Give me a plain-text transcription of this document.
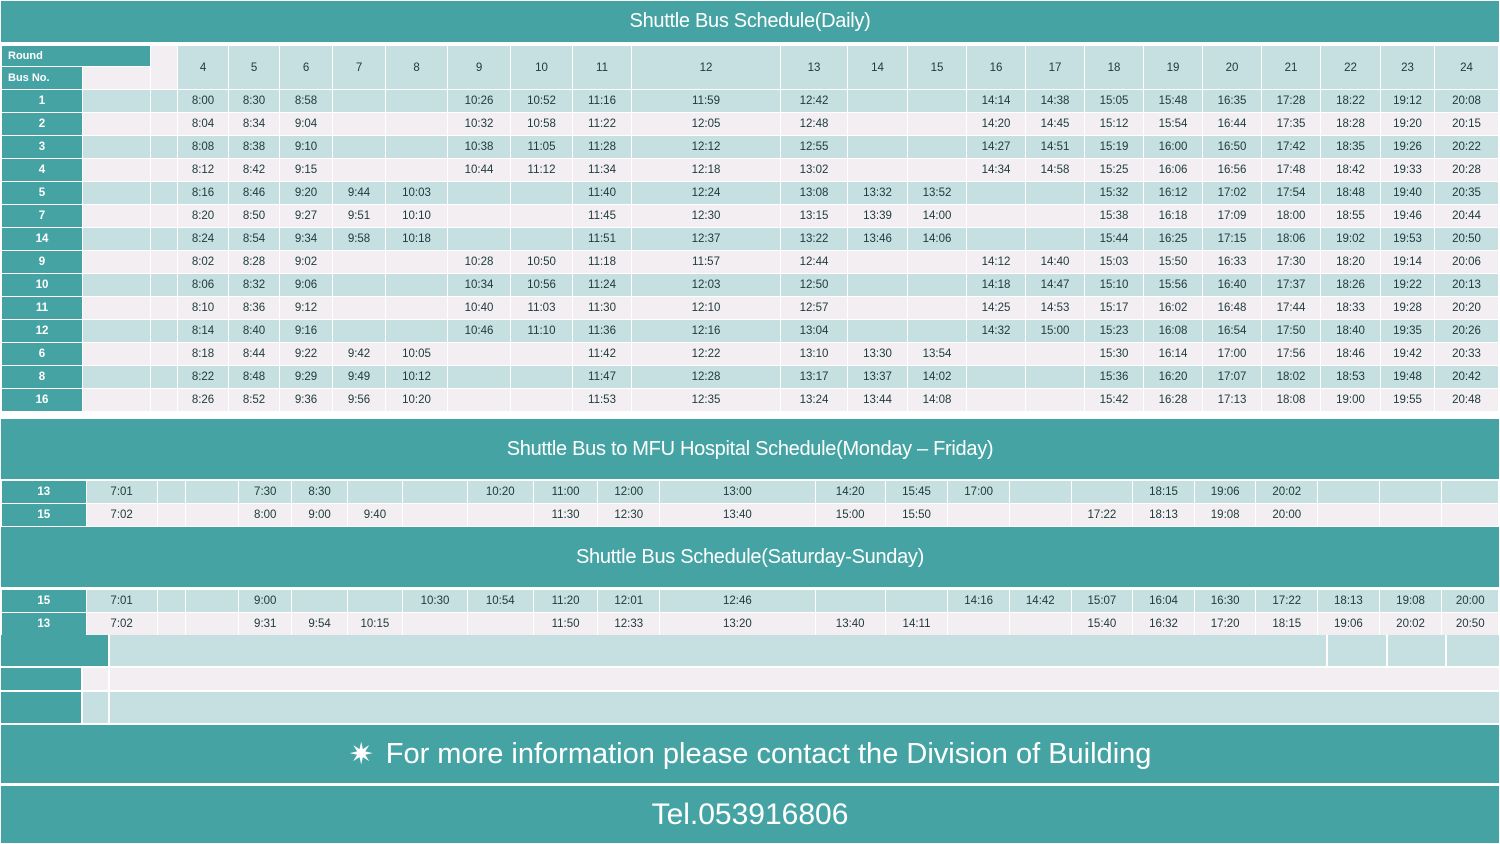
Shuttle Bus Schedule(Daily)
Round			4	5	6	7	8	9	10	11	12	13	14	15	16	17	18	19	20	21	22	23	24
Bus No.																							
1			8:00	8:30	8:58			10:26	10:52	11:16	11:59	12:42			14:14	14:38	15:05	15:48	16:35	17:28	18:22	19:12	20:08
2			8:04	8:34	9:04			10:32	10:58	11:22	12:05	12:48			14:20	14:45	15:12	15:54	16:44	17:35	18:28	19:20	20:15
3			8:08	8:38	9:10			10:38	11:05	11:28	12:12	12:55			14:27	14:51	15:19	16:00	16:50	17:42	18:35	19:26	20:22
4			8:12	8:42	9:15			10:44	11:12	11:34	12:18	13:02			14:34	14:58	15:25	16:06	16:56	17:48	18:42	19:33	20:28
5			8:16	8:46	9:20	9:44	10:03			11:40	12:24	13:08	13:32	13:52			15:32	16:12	17:02	17:54	18:48	19:40	20:35
7			8:20	8:50	9:27	9:51	10:10			11:45	12:30	13:15	13:39	14:00			15:38	16:18	17:09	18:00	18:55	19:46	20:44
14			8:24	8:54	9:34	9:58	10:18			11:51	12:37	13:22	13:46	14:06			15:44	16:25	17:15	18:06	19:02	19:53	20:50
9			8:02	8:28	9:02			10:28	10:50	11:18	11:57	12:44			14:12	14:40	15:03	15:50	16:33	17:30	18:20	19:14	20:06
10			8:06	8:32	9:06			10:34	10:56	11:24	12:03	12:50			14:18	14:47	15:10	15:56	16:40	17:37	18:26	19:22	20:13
11			8:10	8:36	9:12			10:40	11:03	11:30	12:10	12:57			14:25	14:53	15:17	16:02	16:48	17:44	18:33	19:28	20:20
12			8:14	8:40	9:16			10:46	11:10	11:36	12:16	13:04			14:32	15:00	15:23	16:08	16:54	17:50	18:40	19:35	20:26
6			8:18	8:44	9:22	9:42	10:05			11:42	12:22	13:10	13:30	13:54			15:30	16:14	17:00	17:56	18:46	19:42	20:33
8			8:22	8:48	9:29	9:49	10:12			11:47	12:28	13:17	13:37	14:02			15:36	16:20	17:07	18:02	18:53	19:48	20:42
16			8:26	8:52	9:36	9:56	10:20			11:53	12:35	13:24	13:44	14:08			15:42	16:28	17:13	18:08	19:00	19:55	20:48
Shuttle Bus to MFU Hospital Schedule(Monday – Friday)
13	7:01			7:30	8:30			10:20	11:00	12:00	13:00	14:20	15:45	17:00			18:15	19:06	20:02			
15	7:02			8:00	9:00	9:40			11:30	12:30	13:40	15:00	15:50			17:22	18:13	19:08	20:00			
Shuttle Bus Schedule(Saturday-Sunday)
15	7:01			9:00			10:30	10:54	11:20	12:01	12:46			14:16	14:42	15:07	16:04	16:30	17:22	18:13	19:08	20:00
13	7:02			9:31	9:54	10:15			11:50	12:33	13:20	13:40	14:11			15:40	16:32	17:20	18:15	19:06	20:02	20:50
✷ For more information please contact the Division of Building
Tel.053916806
